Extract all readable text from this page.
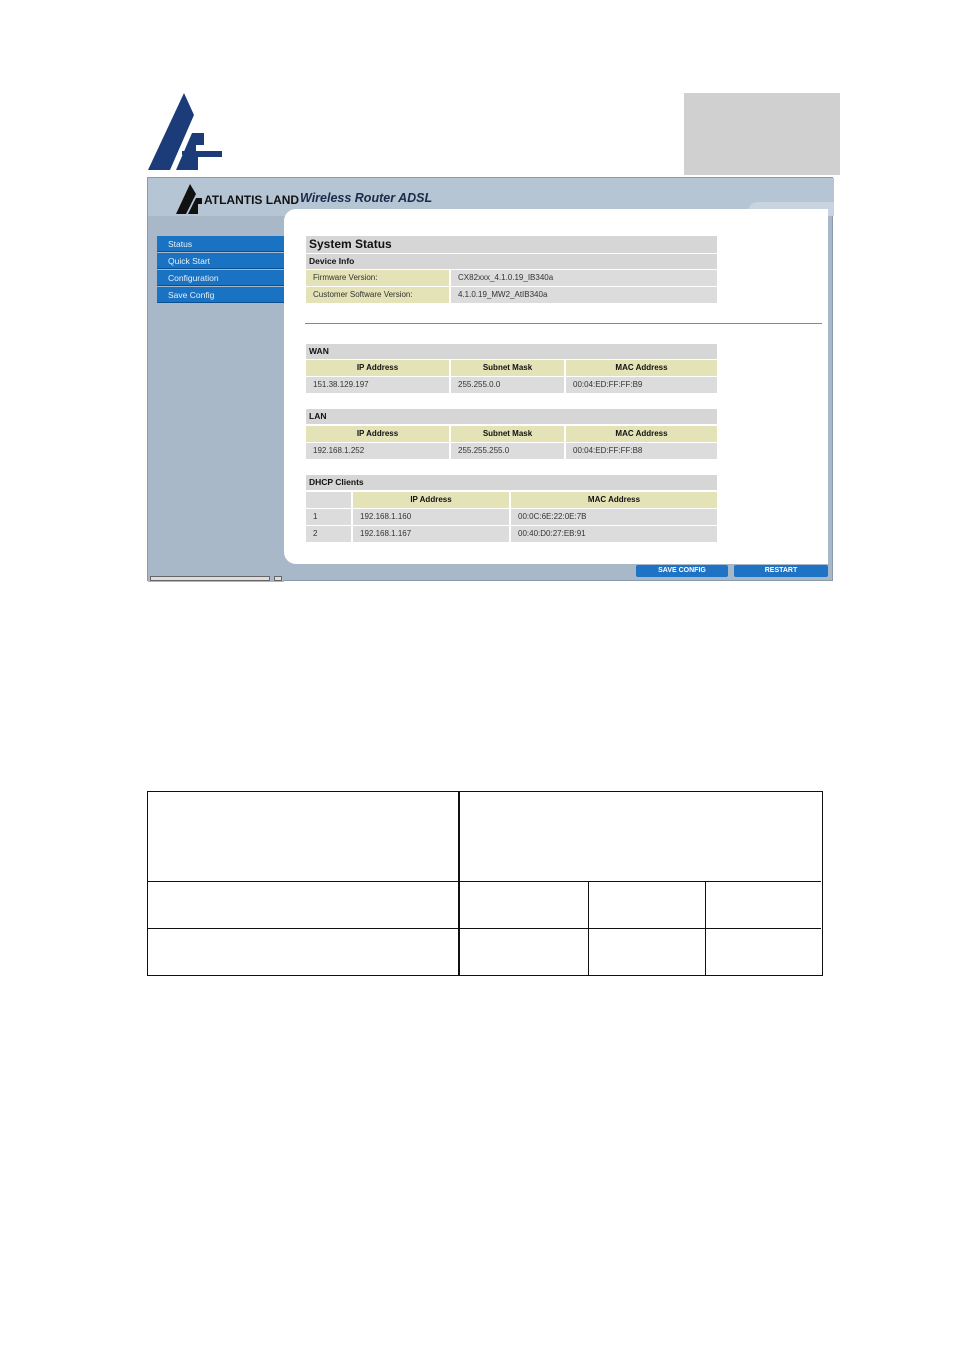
ATLANTIS LAND Wireless Router ADSL
Status
Quick Start
Configuration
Save Config
System Status
Device Info
Firmware Version:	CX82xxx_4.1.0.19_IB340a
Customer Software Version:	4.1.0.19_MW2_AtIB340a
WAN
IP Address	Subnet Mask	MAC Address
151.38.129.197	255.255.0.0	00:04:ED:FF:FF:B9
LAN
IP Address	Subnet Mask	MAC Address
192.168.1.252	255.255.255.0	00:04:ED:FF:FF:B8
DHCP Clients
IP Address	MAC Address
1	192.168.1.160	00:0C:6E:22:0E:7B
2	192.168.1.167	00:40:D0:27:EB:91
SAVE CONFIG	RESTART
